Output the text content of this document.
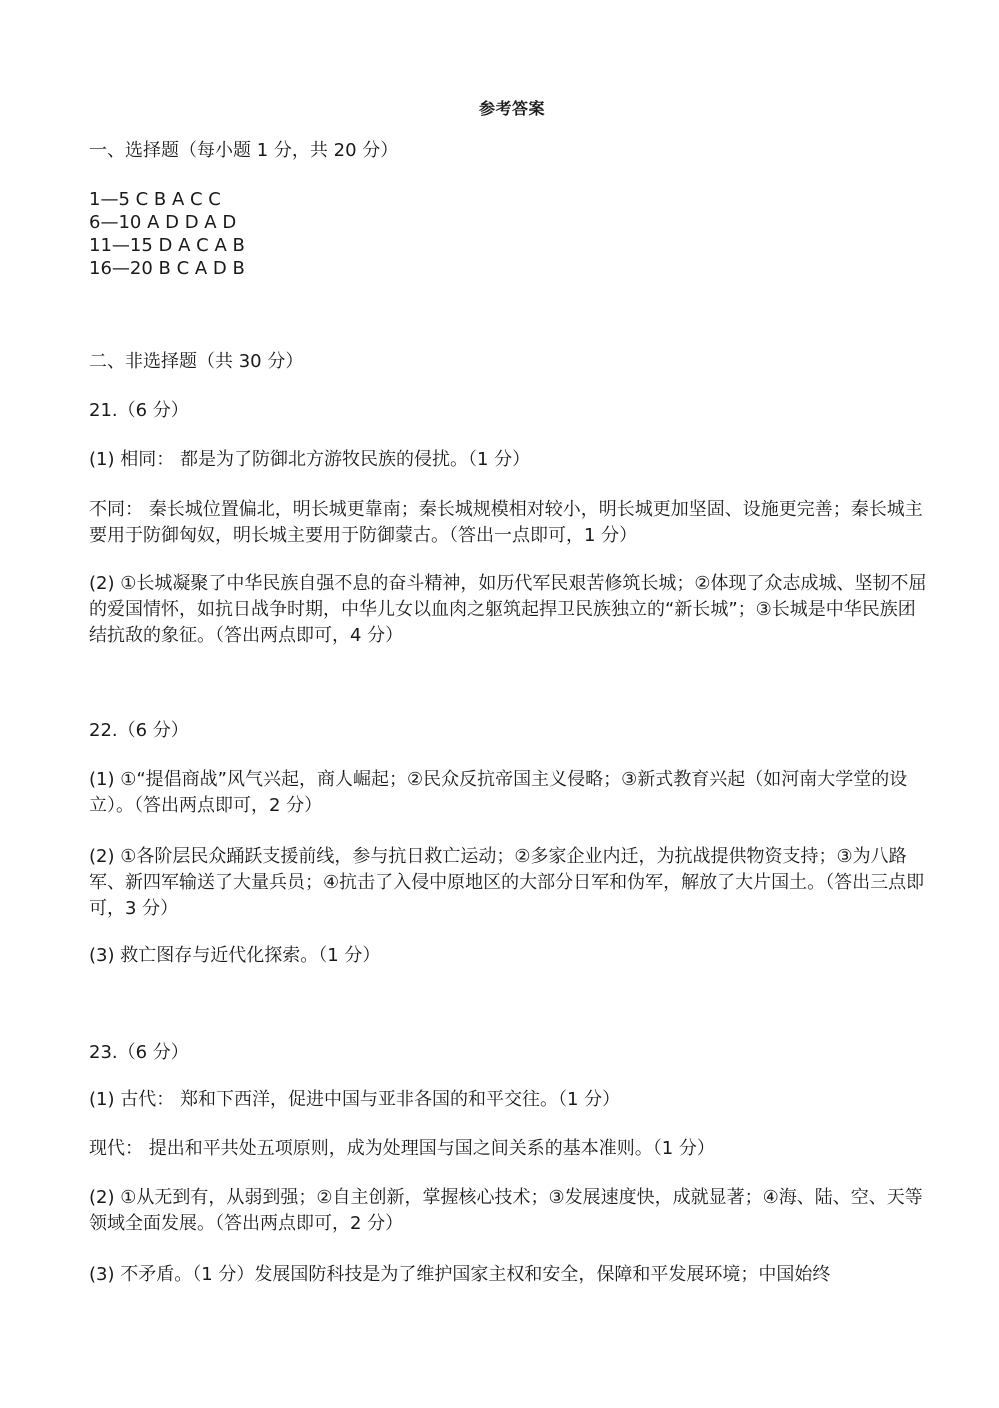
参考答案
一、选择题（每小题 1 分，共 20 分）
1—5 C B A C C
6—10 A D D A D
11—15 D A C A B
16—20 B C A D B
二、非选择题（共 30 分）
21.（6 分）
(1) 相同： 都是为了防御北方游牧民族的侵扰。（1 分）
不同： 秦长城位置偏北，明长城更靠南；秦长城规模相对较小，明长城更加坚固、设施更完善；秦长城主要用于防御匈奴，明长城主要用于防御蒙古。（答出一点即可，1 分）
(2) ①长城凝聚了中华民族自强不息的奋斗精神，如历代军民艰苦修筑长城；②体现了众志成城、坚韧不屈的爱国情怀，如抗日战争时期，中华儿女以血肉之躯筑起捍卫民族独立的“新长城”；③长城是中华民族团结抗敌的象征。（答出两点即可，4 分）
22.（6 分）
(1) ①“提倡商战”风气兴起，商人崛起；②民众反抗帝国主义侵略；③新式教育兴起（如河南大学堂的设立）。（答出两点即可，2 分）
(2) ①各阶层民众踊跃支援前线，参与抗日救亡运动；②多家企业内迁，为抗战提供物资支持；③为八路军、新四军输送了大量兵员；④抗击了入侵中原地区的大部分日军和伪军，解放了大片国土。（答出三点即可，3 分）
(3) 救亡图存与近代化探索。（1 分）
23.（6 分）
(1) 古代： 郑和下西洋，促进中国与亚非各国的和平交往。（1 分）
现代： 提出和平共处五项原则，成为处理国与国之间关系的基本准则。（1 分）
(2) ①从无到有，从弱到强；②自主创新，掌握核心技术；③发展速度快，成就显著；④海、陆、空、天等领域全面发展。（答出两点即可，2 分）
(3) 不矛盾。（1 分）发展国防科技是为了维护国家主权和安全，保障和平发展环境；中国始终
